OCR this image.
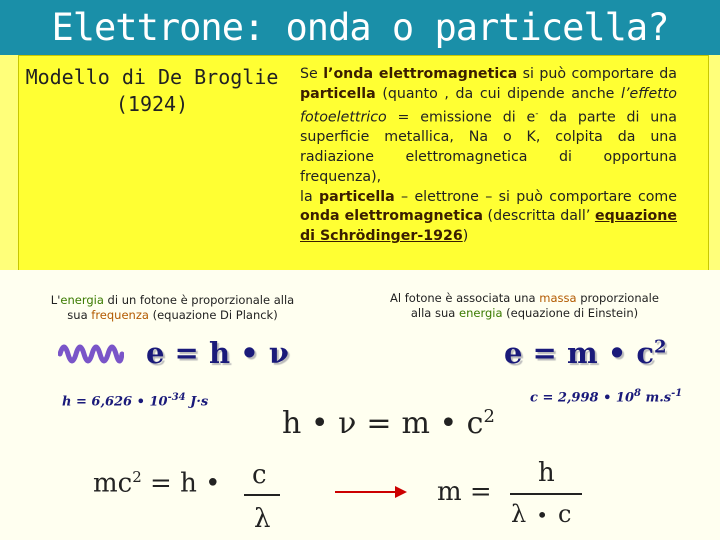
Elettrone: onda o particella?
Modello di De Broglie
(1924)
Se l’onda elettromagnetica si può comportare da particella (quanto , da cui dipende anche l’effetto fotoelettrico = emissione di e- da parte di una superficie metallica, Na o K, colpita da una radiazione elettromagnetica di opportuna frequenza),
la particella – elettrone – si può comportare come onda elettromagnetica (descritta dall’ equazione di Schrödinger-1926)
L'energia di un fotone è proporzionale alla
sua frequenza (equazione Di Planck)
Al fotone è associata una massa proporzionale
alla sua energia (equazione di Einstein)
e = h • ν	e = m • $c^2$
h = 6,626 • $10^{-34}$ J·s	c = 2,998 • $10^8$ $m.s^{-1}$
h • ν = m • $c^2$
$mc^2 = h$ • c
λ
m =
h
λ • c
